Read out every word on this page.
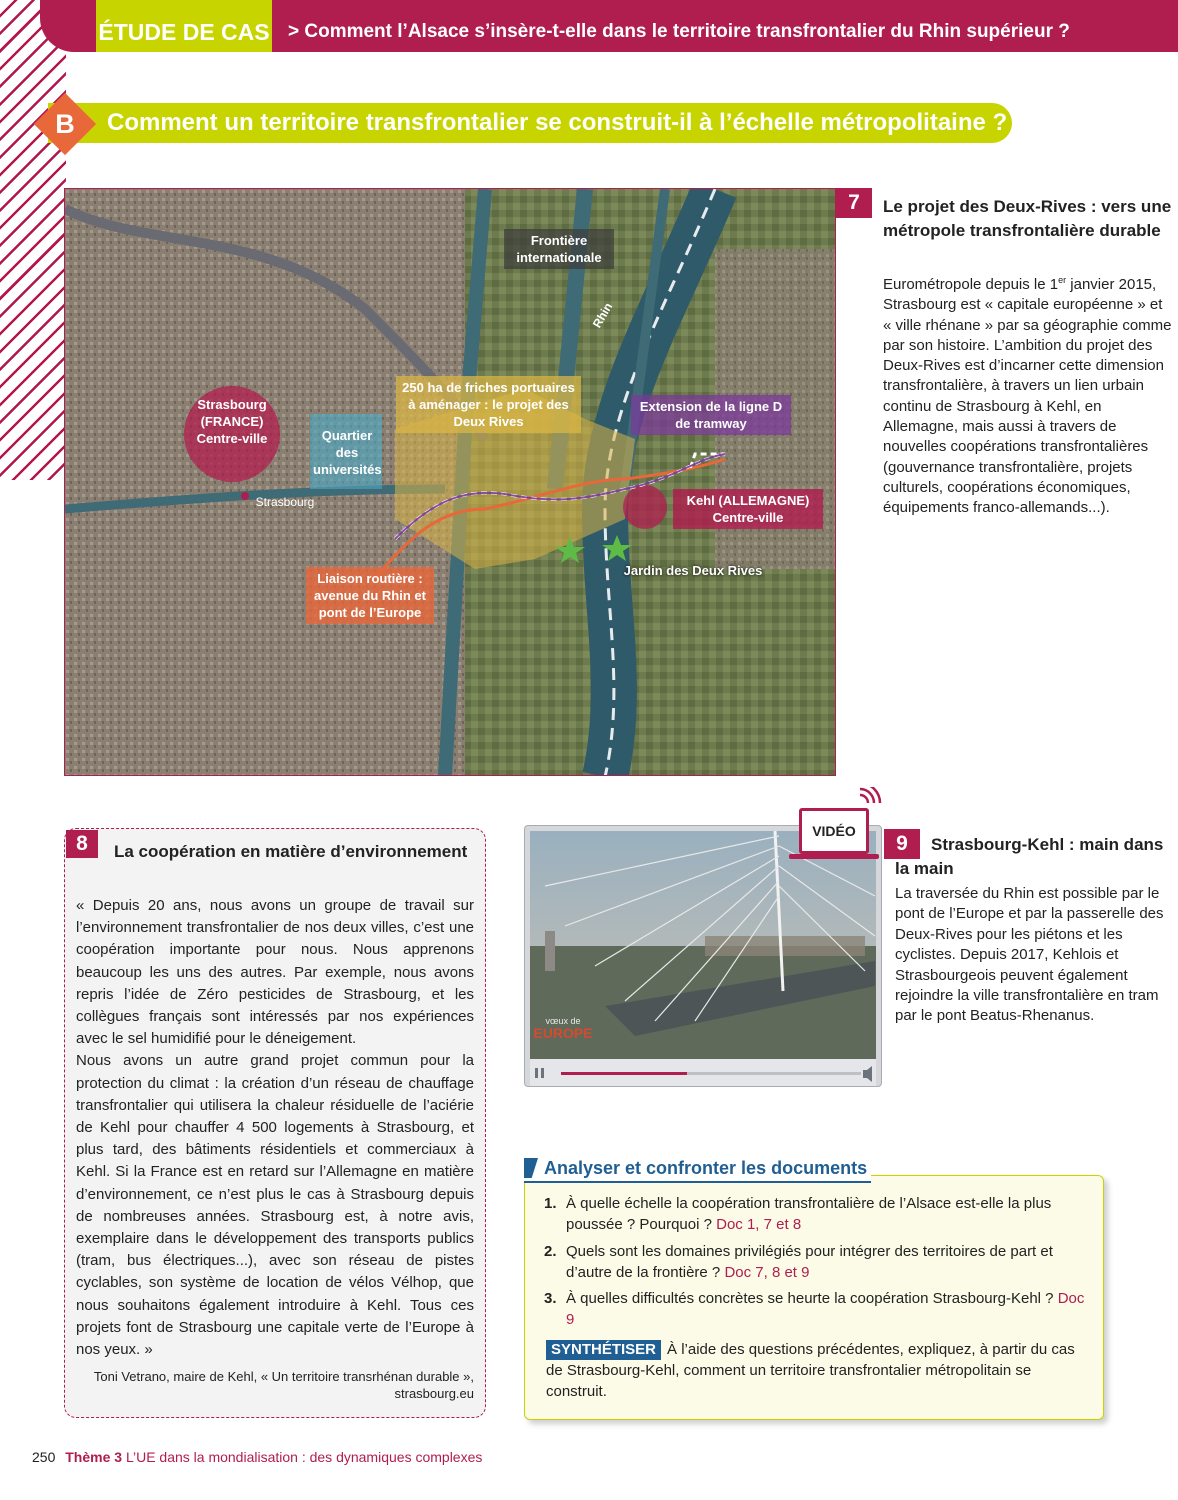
ÉTUDE DE CAS > Comment l’Alsace s’insère-t-elle dans le territoire transfrontalier du Rhin supérieur ?
B	Comment un territoire transfrontalier se construit-il à l’échelle métropolitaine ?
Frontière internationale
Rhin
250 ha de friches portuaires à aménager : le projet des Deux Rives
Extension de la ligne D de tramway
Strasbourg (FRANCE) Centre-ville	Quartier des universités
Strasbourg	Kehl (ALLEMAGNE) Centre-ville
Liaison routière : avenue du Rhin et pont de l’Europe
Jardin des Deux Rives
7	Le projet des Deux-Rives : vers une métropole transfrontalière durable
Eurométropole depuis le 1er janvier 2015, Strasbourg est « capitale européenne » et « ville rhénane » par sa géographie comme par son histoire. L’ambition du projet des Deux-Rives est d’incarner cette dimension transfrontalière, à travers un lien urbain continu de Strasbourg à Kehl, en Allemagne, mais aussi à travers de nouvelles coopérations transfrontalières (gouvernance transfrontalière, projets culturels, coopérations économiques, équipements franco-allemands...).
8	La coopération en matière d’environnement

« Depuis 20 ans, nous avons un groupe de travail sur l’environnement transfrontalier de nos deux villes, c’est une coopération importante pour nous. Nous apprenons beaucoup les uns des autres. Par exemple, nous avons repris l’idée de Zéro pesticides de Strasbourg, et les collègues français sont intéressés par nos expériences avec le sel humidifié pour le déneigement.

Nous avons un autre grand projet commun pour la protection du climat : la création d’un réseau de chauffage transfrontalier qui utilisera la chaleur résiduelle de l’aciérie de Kehl pour chauffer 4 500 logements à Strasbourg, et plus tard, des bâtiments résidentiels et commerciaux à Kehl. Si la France est en retard sur l’Allemagne en matière d’environnement, ce n’est plus le cas à Strasbourg depuis de nombreuses années. Strasbourg est, à notre avis, exemplaire dans le développement des transports publics (tram, bus électriques...), avec son réseau de pistes cyclables, son système de location de vélos Vélhop, que nous souhaitons également introduire à Kehl. Tous ces projets font de Strasbourg une capitale verte de l’Europe à nos yeux. »

Toni Vetrano, maire de Kehl, « Un territoire transrhénan durable », strasbourg.eu
vœux de
EUROPE
VIDÉO
9	Strasbourg-Kehl : main dans la main
La traversée du Rhin est possible par le pont de l’Europe et par la passerelle des Deux-Rives pour les piétons et les cyclistes. Depuis 2017, Kehlois et Strasbourgeois peuvent également rejoindre la ville transfrontalière en tram par le pont Beatus-Rhenanus.
Analyser et confronter les documents
1. À quelle échelle la coopération transfrontalière de l’Alsace est-elle la plus poussée ? Pourquoi ? Doc 1, 7 et 8
2. Quels sont les domaines privilégiés pour intégrer des territoires de part et d’autre de la frontière ? Doc 7, 8 et 9
3. À quelles difficultés concrètes se heurte la coopération Strasbourg-Kehl ? Doc 9
SYNTHÉTISER À l’aide des questions précédentes, expliquez, à partir du cas de Strasbourg-Kehl, comment un territoire transfrontalier métropolitain se construit.
250 Thème 3 L’UE dans la mondialisation : des dynamiques complexes
